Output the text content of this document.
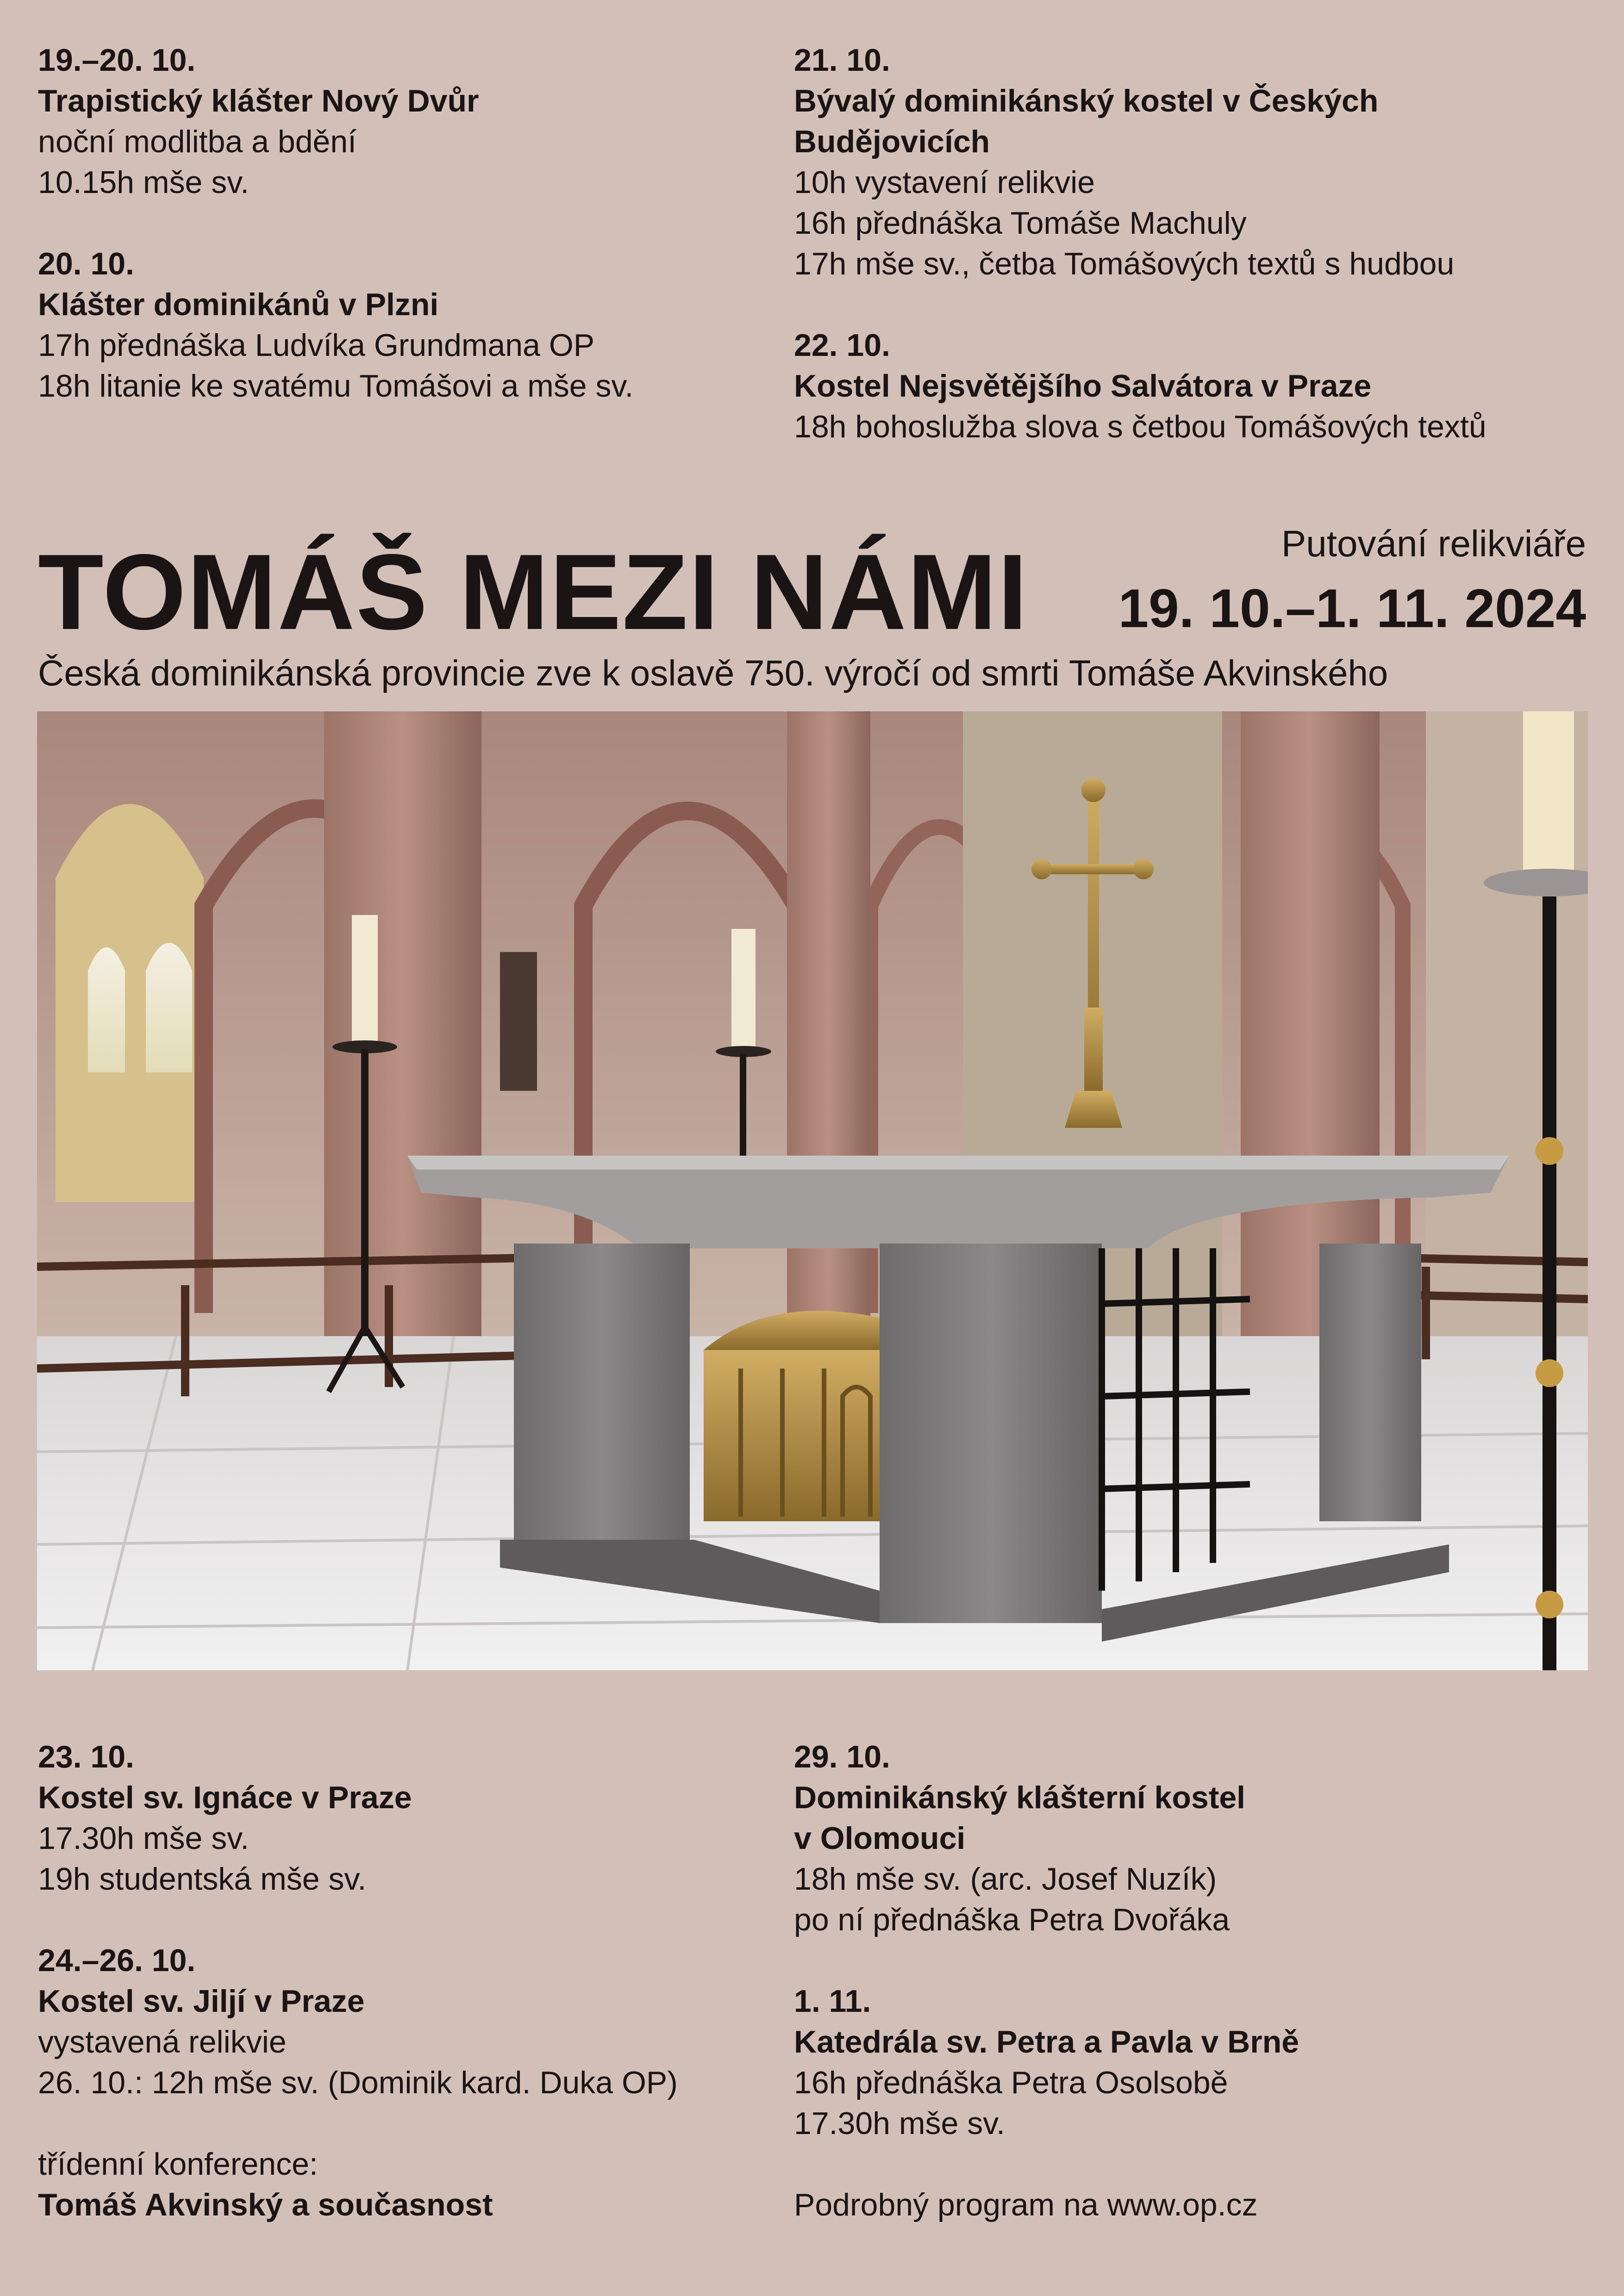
19.–20. 10.
Trapistický klášter Nový Dvůr
noční modlitba a bdění
10.15h mše sv.
20. 10.
Klášter dominikánů v Plzni
17h přednáška Ludvíka Grundmana OP
18h litanie ke svatému Tomášovi a mše sv.
21. 10.
Bývalý dominikánský kostel v Českých
Budějovicích
10h vystavení relikvie
16h přednáška Tomáše Machuly
17h mše sv., četba Tomášových textů s hudbou
22. 10.
Kostel Nejsvětějšího Salvátora v Praze
18h bohoslužba slova s četbou Tomášových textů
TOMÁŠ MEZI NÁMI	Putování relikviáře
19. 10.–1. 11. 2024
Česká dominikánská provincie zve k oslavě 750. výročí od smrti Tomáše Akvinského
23. 10.
Kostel sv. Ignáce v Praze
17.30h mše sv.
19h studentská mše sv.
24.–26. 10.
Kostel sv. Jiljí v Praze
vystavená relikvie
26. 10.: 12h mše sv. (Dominik kard. Duka OP)
třídenní konference:
Tomáš Akvinský a současnost
29. 10.
Dominikánský klášterní kostel
v Olomouci
18h mše sv. (arc. Josef Nuzík)
po ní přednáška Petra Dvořáka
1. 11.
Katedrála sv. Petra a Pavla v Brně
16h přednáška Petra Osolsobě
17.30h mše sv.
Podrobný program na www.op.cz
